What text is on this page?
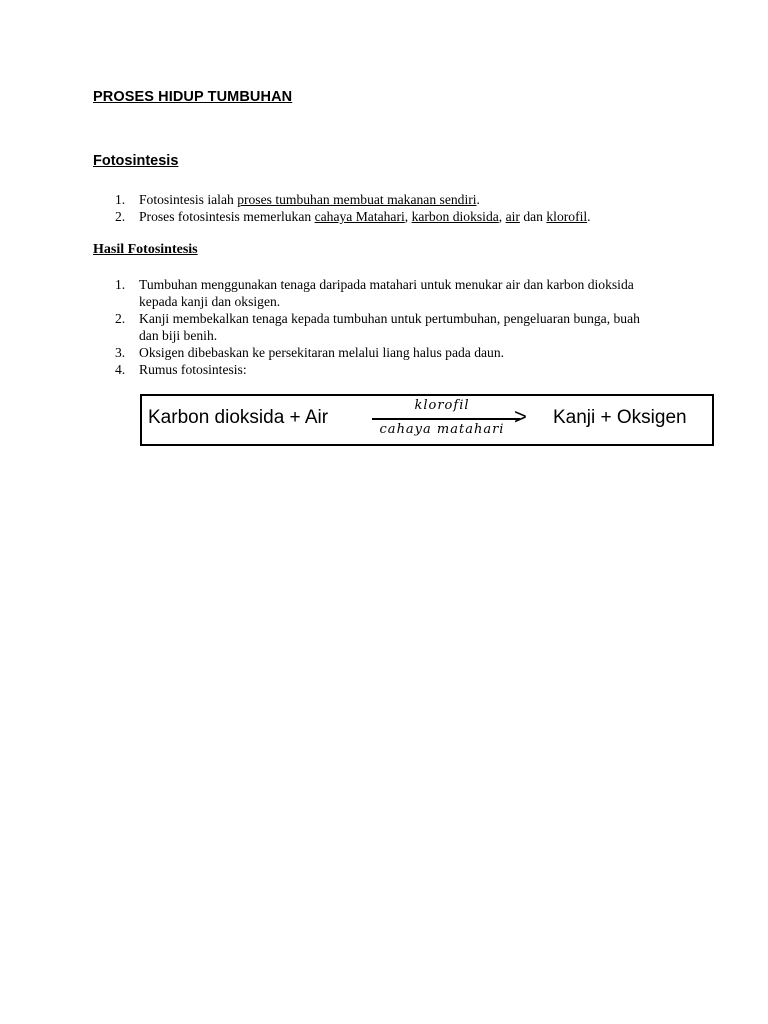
PROSES HIDUP TUMBUHAN
Fotosintesis
1. Fotosintesis ialah proses tumbuhan membuat makanan sendiri.
2. Proses fotosintesis memerlukan cahaya Matahari, karbon dioksida, air dan klorofil.
Hasil Fotosintesis
1. Tumbuhan menggunakan tenaga daripada matahari untuk menukar air dan karbon dioksida kepada kanji dan oksigen.
2. Kanji membekalkan tenaga kepada tumbuhan untuk pertumbuhan, pengeluaran bunga, buah dan biji benih.
3. Oksigen dibebaskan ke persekitaran melalui liang halus pada daun.
4. Rumus fotosintesis:
Karbon dioksida + Air
klorofil	>
cahaya matahari
Kanji + Oksigen
